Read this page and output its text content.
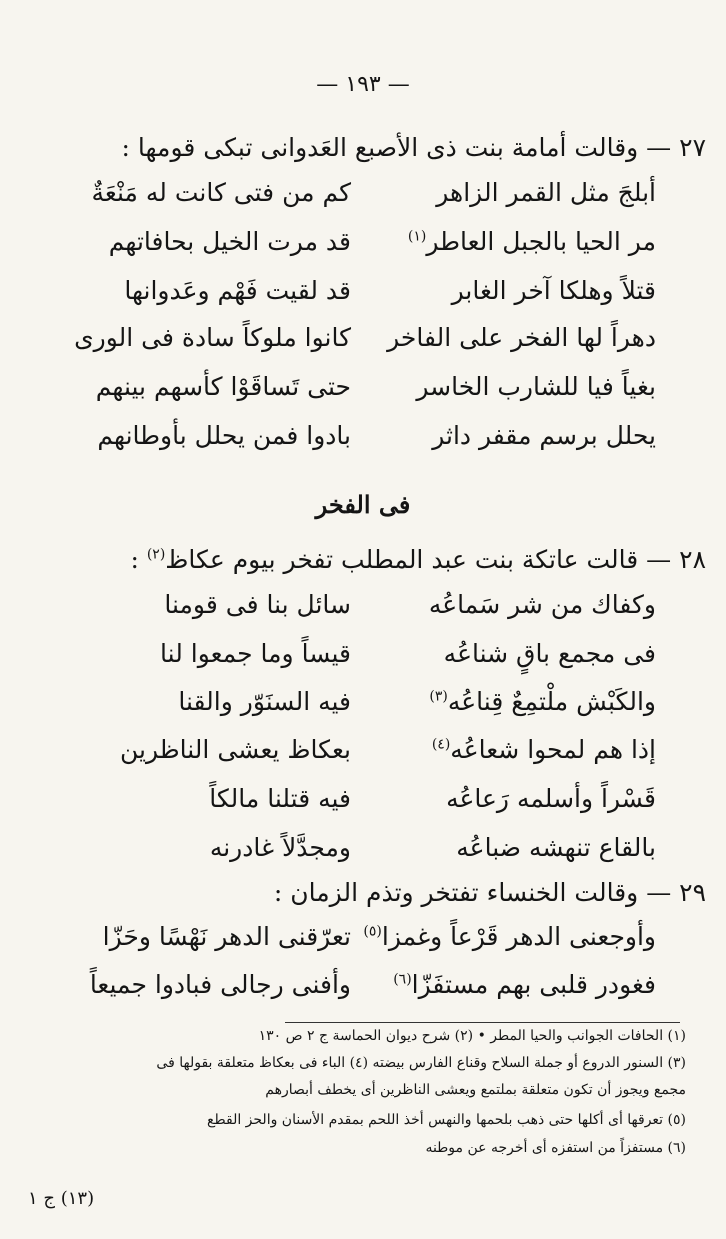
— ١٩٣ —
٢٧ — وقالت أمامة بنت ذى الأصبع العَدوانى تبكى قومها :
كم من فتى كانت له مَنْعَةٌ	أبلجَ مثل القمر الزاهر
قد مرت الخيل بحافاتهم	مر الحيا بالجبل العاطر$^{(١)}$
قد لقيت فَهْم وعَدوانها	قتلاً وهلكا آخر الغابر
كانوا ملوكاً سادة فى الورى	دهراً لها الفخر على الفاخر
حتى تَساقَوْا كأسهم بينهم	بغياً فيا للشارب الخاسر
بادوا فمن يحلل بأوطانهم	يحلل برسم مقفر داثر
فى الفخر
٢٨ — قالت عاتكة بنت عبد المطلب تفخر بيوم عكاظ$^{(٢)}$ :
سائل بنا فى قومنا	وكفاك من شر سَماعُه
قيساً وما جمعوا لنا	فى مجمع باقٍ شناعُه
فيه السنَوّر والقنا	والكَبْش ملْتمِعٌ قِناعُه$^{(٣)}$
بعكاظ يعشى الناظرين	إذا هم لمحوا شعاعُه$^{(٤)}$
فيه قتلنا مالكاً	قَسْراً وأسلمه رَعاعُه
ومجدَّلاً غادرنه	بالقاع تنهشه ضباعُه
٢٩ — وقالت الخنساء تفتخر وتذم الزمان :
تعرّقنى الدهر نَهْسًا وحَزّا	وأوجعنى الدهر قَرْعاً وغمزا$^{(٥)}$
وأفنى رجالى فبادوا جميعاً	فغودر قلبى بهم مستفَزّا$^{(٦)}$
(١) الحافات الجوانب والحيا المطر • (٢) شرح ديوان الحماسة ج ٢ ص ١٣٠
(٣) السنور الدروع أو جملة السلاح وقناع الفارس بيضته (٤) الباء فى بعكاظ متعلقة بقولها فى
مجمع ويجوز أن تكون متعلقة بملتمع ويعشى الناظرين أى يخطف أبصارهم
(٥) تعرقها أى أكلها حتى ذهب بلحمها والنهس أخذ اللحم بمقدم الأسنان والحز القطع
(٦) مستفزاً من استفزه أى أخرجه عن موطنه
(١٣) ج ١
